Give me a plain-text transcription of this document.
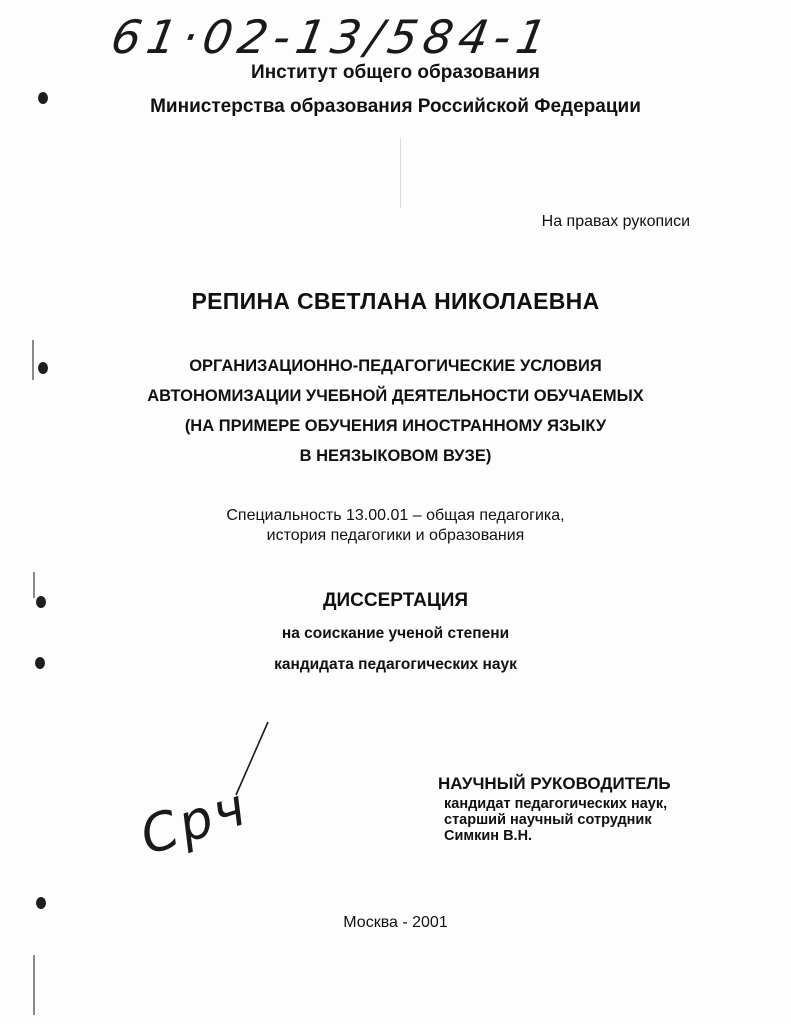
61·02-13/584-1
Институт общего образования
Министерства образования Российской Федерации
На правах рукописи
РЕПИНА СВЕТЛАНА НИКОЛАЕВНА
ОРГАНИЗАЦИОННО-ПЕДАГОГИЧЕСКИЕ УСЛОВИЯ
АВТОНОМИЗАЦИИ УЧЕБНОЙ ДЕЯТЕЛЬНОСТИ ОБУЧАЕМЫХ
(НА ПРИМЕРЕ ОБУЧЕНИЯ ИНОСТРАННОМУ ЯЗЫКУ
В НЕЯЗЫКОВОМ ВУЗЕ)
Специальность 13.00.01 – общая педагогика,
история педагогики и образования
ДИССЕРТАЦИЯ
на соискание ученой степени
кандидата педагогических наук
Срч	НАУЧНЫЙ РУКОВОДИТЕЛЬ
кандидат педагогических наук,
старший научный сотрудник
Симкин В.Н.
Москва - 2001
